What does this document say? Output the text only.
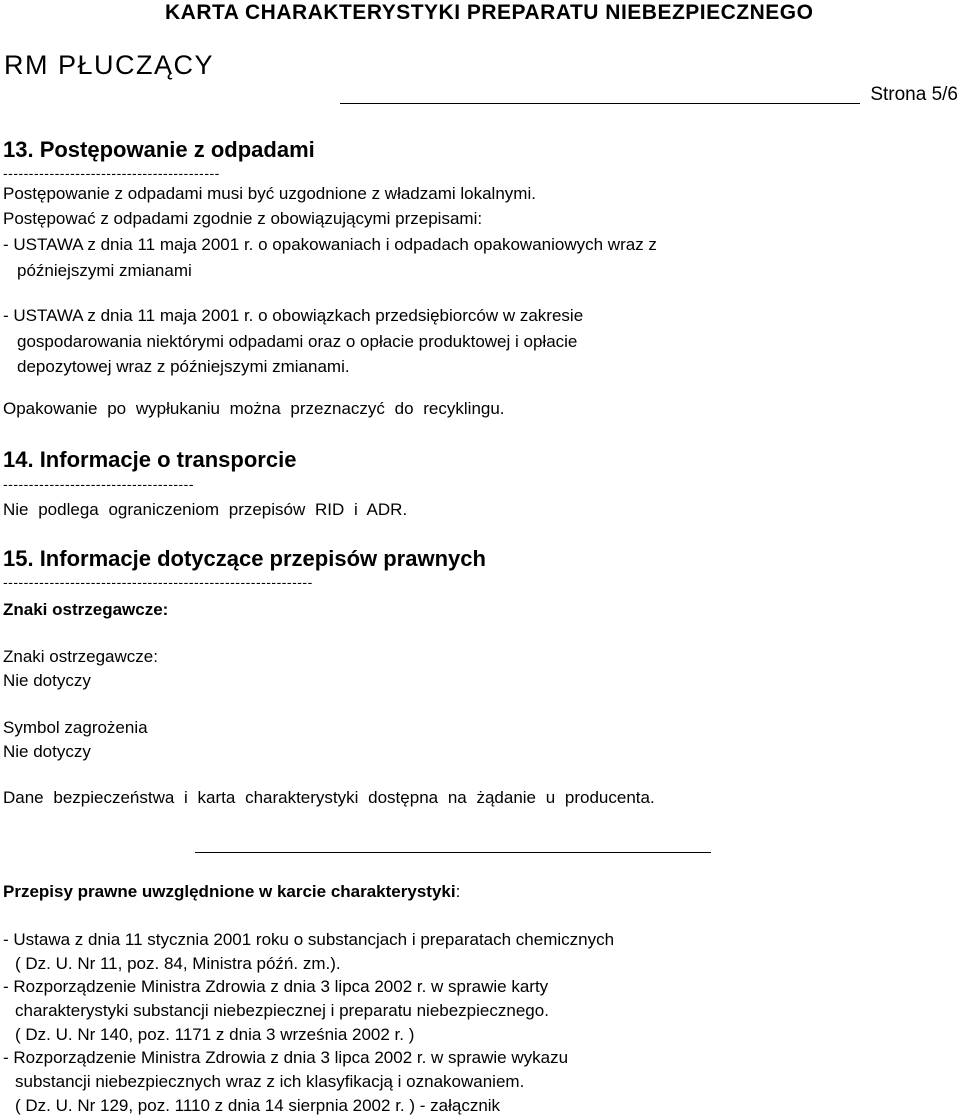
KARTA CHARAKTERYSTYKI PREPARATU NIEBEZPIECZNEGO
RM PŁUCZĄCY
Strona 5/6
13. Postępowanie z odpadami
------------------------------------------
Postępowanie z odpadami musi być uzgodnione z władzami lokalnymi.
Postępować z odpadami zgodnie z obowiązującymi przepisami:
- USTAWA z dnia 11 maja 2001 r. o opakowaniach i odpadach opakowaniowych wraz z
późniejszymi zmianami
- USTAWA z dnia 11 maja 2001 r. o obowiązkach przedsiębiorców w zakresie
gospodarowania niektórymi odpadami oraz o opłacie produktowej i opłacie
depozytowej wraz z późniejszymi zmianami.
Opakowanie po wypłukaniu można przeznaczyć do recyklingu.
14. Informacje o transporcie
-------------------------------------
Nie podlega ograniczeniom przepisów RID i ADR.
15. Informacje dotyczące przepisów prawnych
------------------------------------------------------------
Znaki ostrzegawcze:
Znaki ostrzegawcze:
Nie dotyczy
Symbol zagrożenia
Nie dotyczy
Dane bezpieczeństwa i karta charakterystyki dostępna na żądanie u producenta.
Przepisy prawne uwzględnione w karcie charakterystyki:
- Ustawa z dnia 11 stycznia 2001 roku o substancjach i preparatach chemicznych
( Dz. U. Nr 11, poz. 84, Ministra późń. zm.).
- Rozporządzenie Ministra Zdrowia z dnia 3 lipca 2002 r. w sprawie karty
charakterystyki substancji niebezpiecznej i preparatu niebezpiecznego.
( Dz. U. Nr 140, poz. 1171 z dnia 3 września 2002 r. )
- Rozporządzenie Ministra Zdrowia z dnia 3 lipca 2002 r. w sprawie wykazu
substancji niebezpiecznych wraz z ich klasyfikacją i oznakowaniem.
( Dz. U. Nr 129, poz. 1110 z dnia 14 sierpnia 2002 r. ) - załącznik
